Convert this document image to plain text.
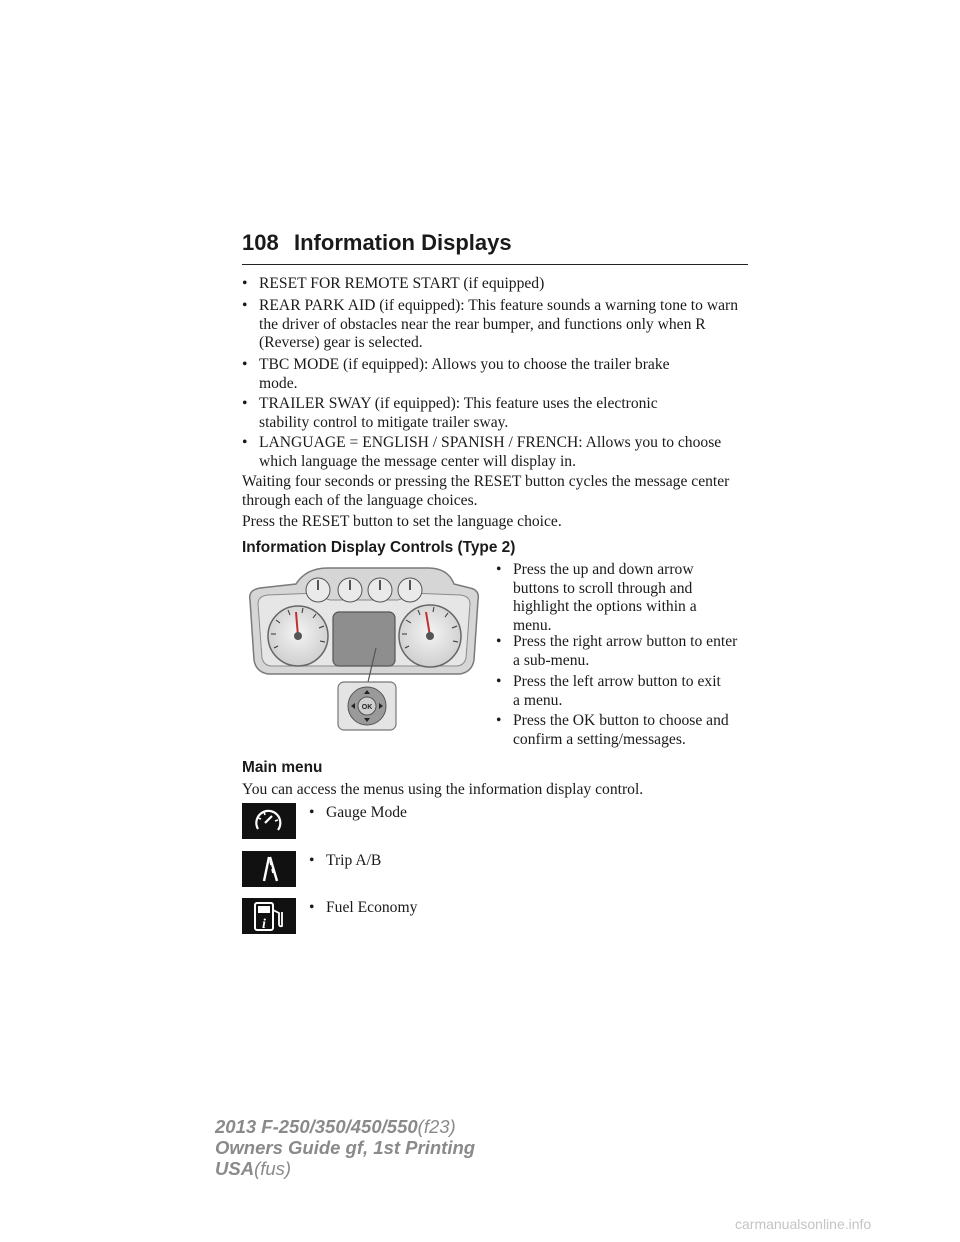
108 Information Displays
• RESET FOR REMOTE START (if equipped)
• REAR PARK AID (if equipped): This feature sounds a warning tone to warn the driver of obstacles near the rear bumper, and functions only when R (Reverse) gear is selected.
• TBC MODE (if equipped): Allows you to choose the trailer brake mode.
• TRAILER SWAY (if equipped): This feature uses the electronic stability control to mitigate trailer sway.
• LANGUAGE = ENGLISH / SPANISH / FRENCH: Allows you to choose which language the message center will display in.
Waiting four seconds or pressing the RESET button cycles the message center through each of the language choices.
Press the RESET button to set the language choice.
Information Display Controls (Type 2)
OK
• Press the up and down arrow buttons to scroll through and highlight the options within a menu.
• Press the right arrow button to enter a sub-menu.
• Press the left arrow button to exit a menu.
• Press the OK button to choose and confirm a setting/messages.
Main menu
You can access the menus using the information display control.
• Gauge Mode
• Trip A/B
i
• Fuel Economy
2013 F-250/350/450/550(f23)
Owners Guide gf, 1st Printing
USA(fus)
carmanualsonline.info
